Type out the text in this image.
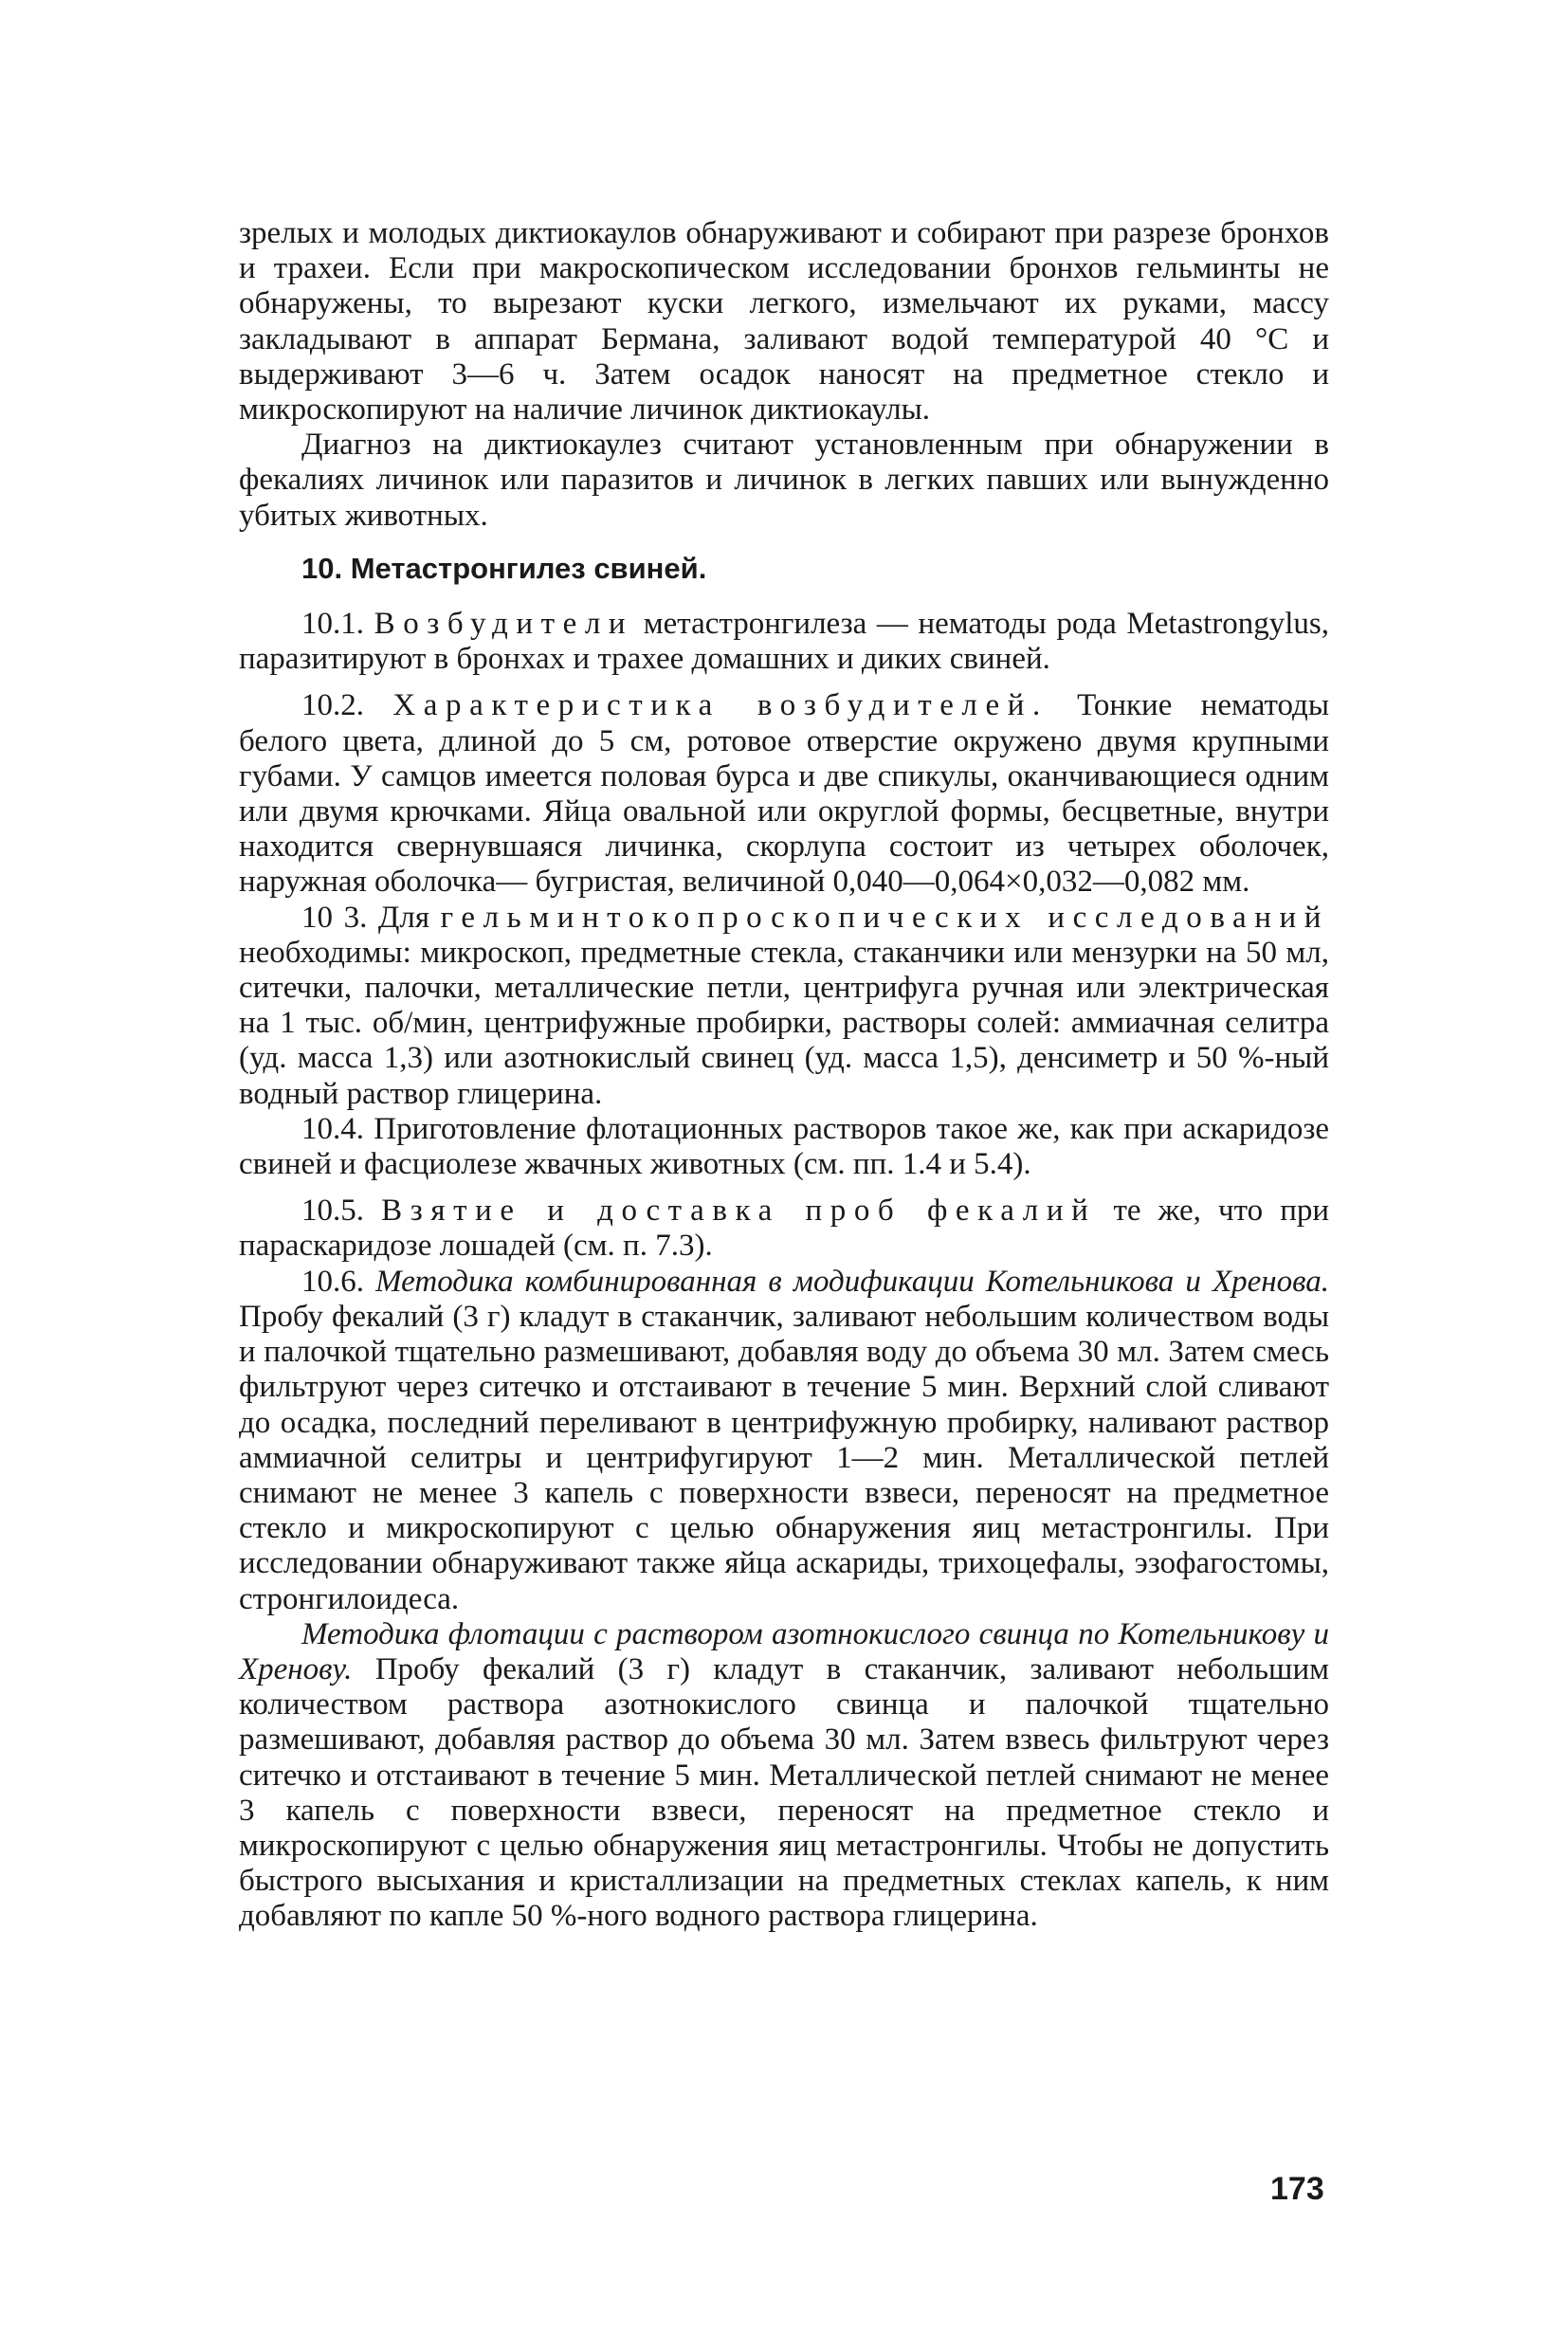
зрелых и молодых диктиокаулов обнаруживают и собирают при разрезе бронхов и трахеи. Если при макроскопическом исследовании бронхов гельминты не обнаружены, то вырезают куски легкого, измельчают их руками, массу закладывают в аппарат Бермана, заливают водой температурой 40 °C и выдерживают 3—6 ч. Затем осадок наносят на предметное стекло и микроскопируют на наличие личинок диктиокаулы.

Диагноз на диктиокаулез считают установленным при обнаружении в фекалиях личинок или паразитов и личинок в легких павших или вынужденно убитых животных.

10. Метастронгилез свиней.

10.1. Возбудители метастронгилеза — нематоды рода Metastrongylus, паразитируют в бронхах и трахее домашних и диких свиней.

10.2. Характеристика возбудителей. Тонкие нематоды белого цвета, длиной до 5 см, ротовое отверстие окружено двумя крупными губами. У самцов имеется половая бурса и две спикулы, оканчивающиеся одним или двумя крючками. Яйца овальной или округлой формы, бесцветные, внутри находится свернувшаяся личинка, скорлупа состоит из четырех оболочек, наружная оболочка— бугристая, величиной 0,040—0,064×0,032—0,082 мм.

10 3. Для гельминтокопроскопических исследований необходимы: микроскоп, предметные стекла, стаканчики или мензурки на 50 мл, ситечки, палочки, металлические петли, центрифуга ручная или электрическая на 1 тыс. об/мин, центрифужные пробирки, растворы солей: аммиачная селитра (уд. масса 1,3) или азотнокислый свинец (уд. масса 1,5), денсиметр и 50 %-ный водный раствор глицерина.

10.4. Приготовление флотационных растворов такое же, как при аскаридозе свиней и фасциолезе жвачных животных (см. пп. 1.4 и 5.4).

10.5. Взятие и доставка проб фекалий те же, что при параскаридозе лошадей (см. п. 7.3).

10.6. Методика комбинированная в модификации Котельникова и Хренова. Пробу фекалий (3 г) кладут в стаканчик, заливают небольшим количеством воды и палочкой тщательно размешивают, добавляя воду до объема 30 мл. Затем смесь фильтруют через ситечко и отстаивают в течение 5 мин. Верхний слой сливают до осадка, последний переливают в центрифужную пробирку, наливают раствор аммиачной селитры и центрифугируют 1—2 мин. Металлической петлей снимают не менее 3 капель с поверхности взвеси, переносят на предметное стекло и микроскопируют с целью обнаружения яиц метастронгилы. При исследовании обнаруживают также яйца аскариды, трихоцефалы, эзофагостомы, стронгилоидеса.

Методика флотации с раствором азотнокислого свинца по Котельникову и Хренову. Пробу фекалий (3 г) кладут в стаканчик, заливают небольшим количеством раствора азотнокислого свинца и палочкой тщательно размешивают, добавляя раствор до объема 30 мл. Затем взвесь фильтруют через ситечко и отстаивают в течение 5 мин. Металлической петлей снимают не менее 3 капель с поверхности взвеси, переносят на предметное стекло и микроскопируют с целью обнаружения яиц метастронгилы. Чтобы не допустить быстрого высыхания и кристаллизации на предметных стеклах капель, к ним добавляют по капле 50 %-ного водного раствора глицерина.

173
